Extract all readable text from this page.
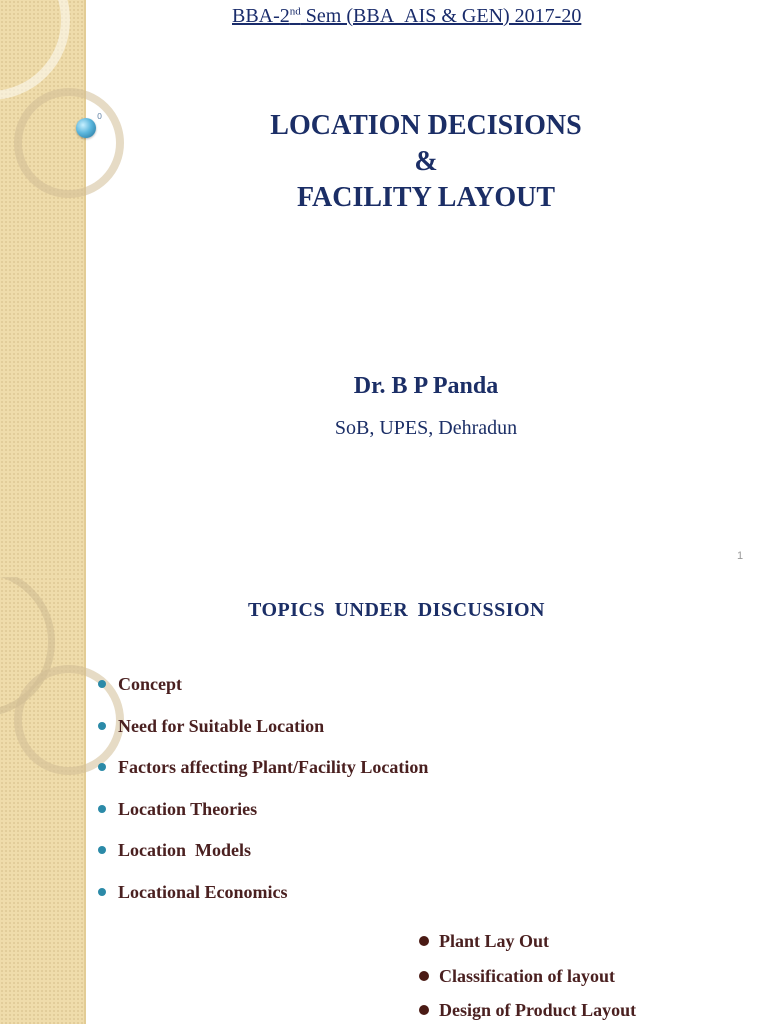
0
BBA-2nd Sem (BBA_AIS & GEN) 2017-20
LOCATION DECISIONS
&
FACILITY LAYOUT
Dr. B P Panda
SoB, UPES, Dehradun
1
TOPICS UNDER DISCUSSION
Concept
Need for Suitable Location
Factors affecting Plant/Facility Location
Location Theories
Location  Models
Locational Economics
Plant Lay Out
Classification of layout
Design of Product Layout
